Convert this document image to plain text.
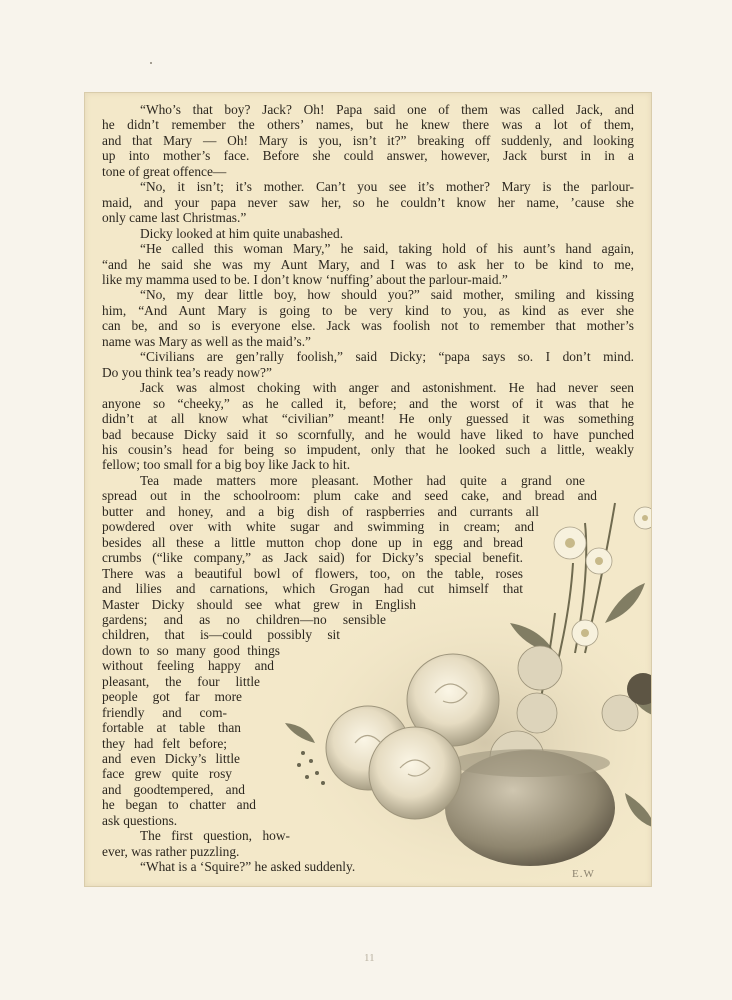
“Who’s that boy? Jack? Oh! Papa said one of them was called Jack, and
he didn’t remember the others’ names, but he knew there was a lot of them,
and that Mary — Oh! Mary is you, isn’t it?” breaking off suddenly, and looking
up into mother’s face. Before she could answer, however, Jack burst in in a
tone of great offence—

“No, it isn’t; it’s mother. Can’t you see it’s mother? Mary is the parlour-
maid, and your papa never saw her, so he couldn’t know her name, ’cause she
only came last Christmas.”

Dicky looked at him quite unabashed.

“He called this woman Mary,” he said, taking hold of his aunt’s hand again,
“and he said she was my Aunt Mary, and I was to ask her to be kind to me,
like my mamma used to be. I don’t know ‘nuffing’ about the parlour-maid.”

“No, my dear little boy, how should you?” said mother, smiling and kissing
him, “And Aunt Mary is going to be very kind to you, as kind as ever she
can be, and so is everyone else. Jack was foolish not to remember that mother’s
name was Mary as well as the maid’s.”

“Civilians are gen’rally foolish,” said Dicky; “papa says so. I don’t mind.
Do you think tea’s ready now?”

Jack was almost choking with anger and astonishment. He had never seen
anyone so “cheeky,” as he called it, before; and the worst of it was that he
didn’t at all know what “civilian” meant! He only guessed it was something
bad because Dicky said it so scornfully, and he would have liked to have punched
his cousin’s head for being so impudent, only that he looked such a little, weakly
fellow; too small for a big boy like Jack to hit.

Tea made matters more pleasant. Mother had quite a grand one
spread out in the schoolroom: plum cake and seed cake, and bread and
butter and honey, and a big dish of raspberries and currants all
powdered over with white sugar and swimming in cream; and
besides all these a little mutton chop done up in egg and bread
crumbs (“like company,” as Jack said) for Dicky’s special benefit.
There was a beautiful bowl of flowers, too, on the table, roses
and lilies and carnations, which Grogan had cut himself that
Master Dicky should see what grew in English
gardens; and as no children—no sensible
children, that is—could possibly sit
down to so many good things
without feeling happy and
pleasant, the four little
people got far more
friendly and com-
fortable at table than
they had felt before;
and even Dicky’s little
face grew quite rosy
and goodtempered, and
he began to chatter and
ask questions.

The first question, how-
ever, was rather puzzling.
“What is a ‘Squire?” he asked suddenly.	E.W
11
